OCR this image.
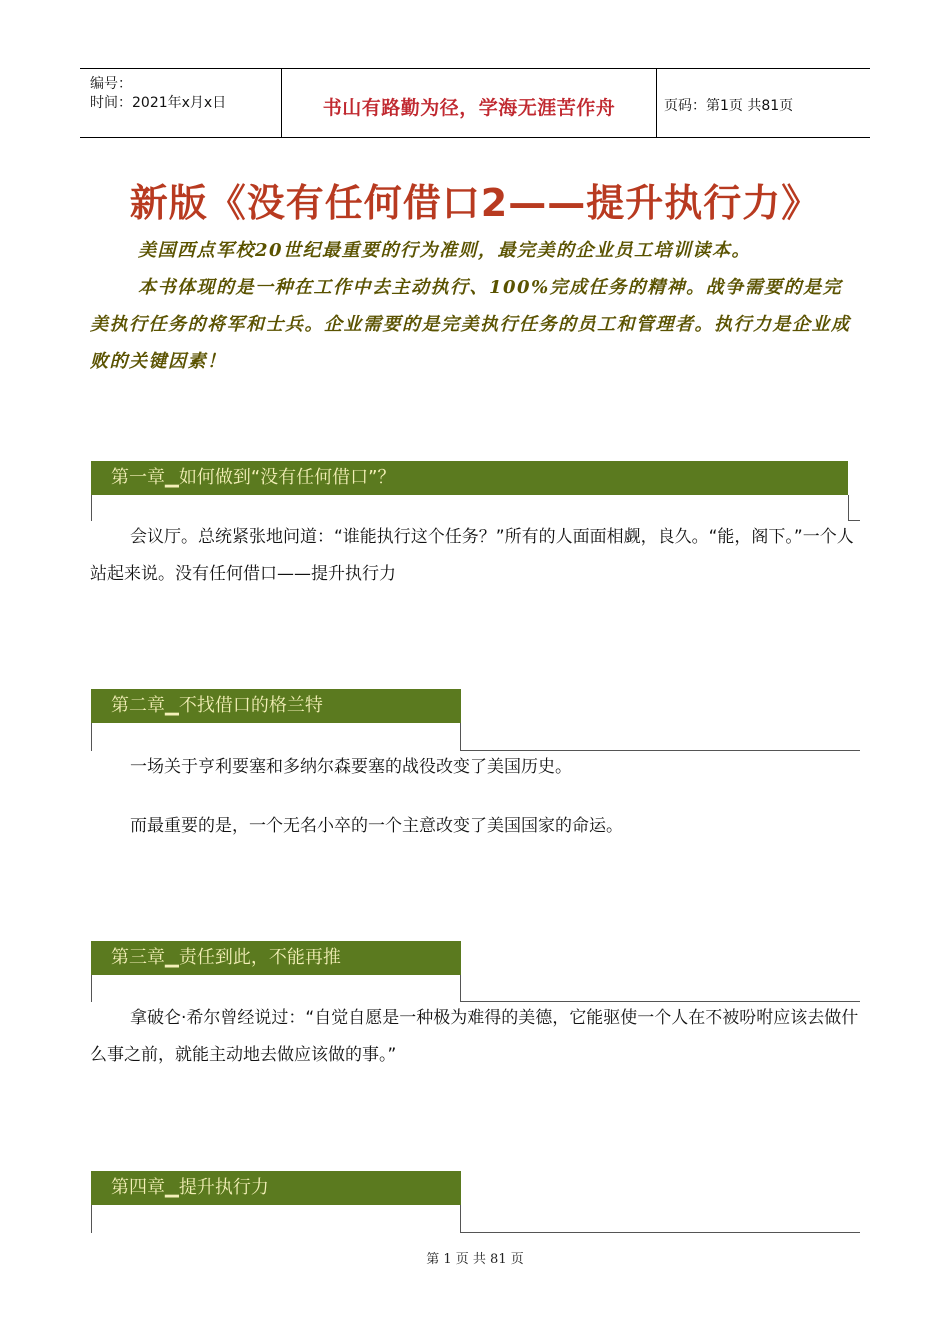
编号：
时间：2021年x月x日	书山有路勤为径，学海无涯苦作舟	页码：第1页 共81页
新版《没有任何借口2——提升执行力》

美国西点军校20世纪最重要的行为准则，最完美的企业员工培训读本。

本书体现的是一种在工作中去主动执行、100%完成任务的精神。战争需要的是完美执行任务的将军和士兵。企业需要的是完美执行任务的员工和管理者。执行力是企业成败的关键因素！

第一章▁如何做到“没有任何借口”？

会议厅。总统紧张地问道：“谁能执行这个任务？”所有的人面面相觑，良久。“能，阁下。”一个人站起来说。没有任何借口——提升执行力

第二章▁不找借口的格兰特

一场关于亨利要塞和多纳尔森要塞的战役改变了美国历史。

而最重要的是，一个无名小卒的一个主意改变了美国国家的命运。

第三章▁责任到此，不能再推

拿破仑·希尔曾经说过：“自觉自愿是一种极为难得的美德，它能驱使一个人在不被吩咐应该去做什么事之前，就能主动地去做应该做的事。”

第四章▁提升执行力
第 1 页 共 81 页
